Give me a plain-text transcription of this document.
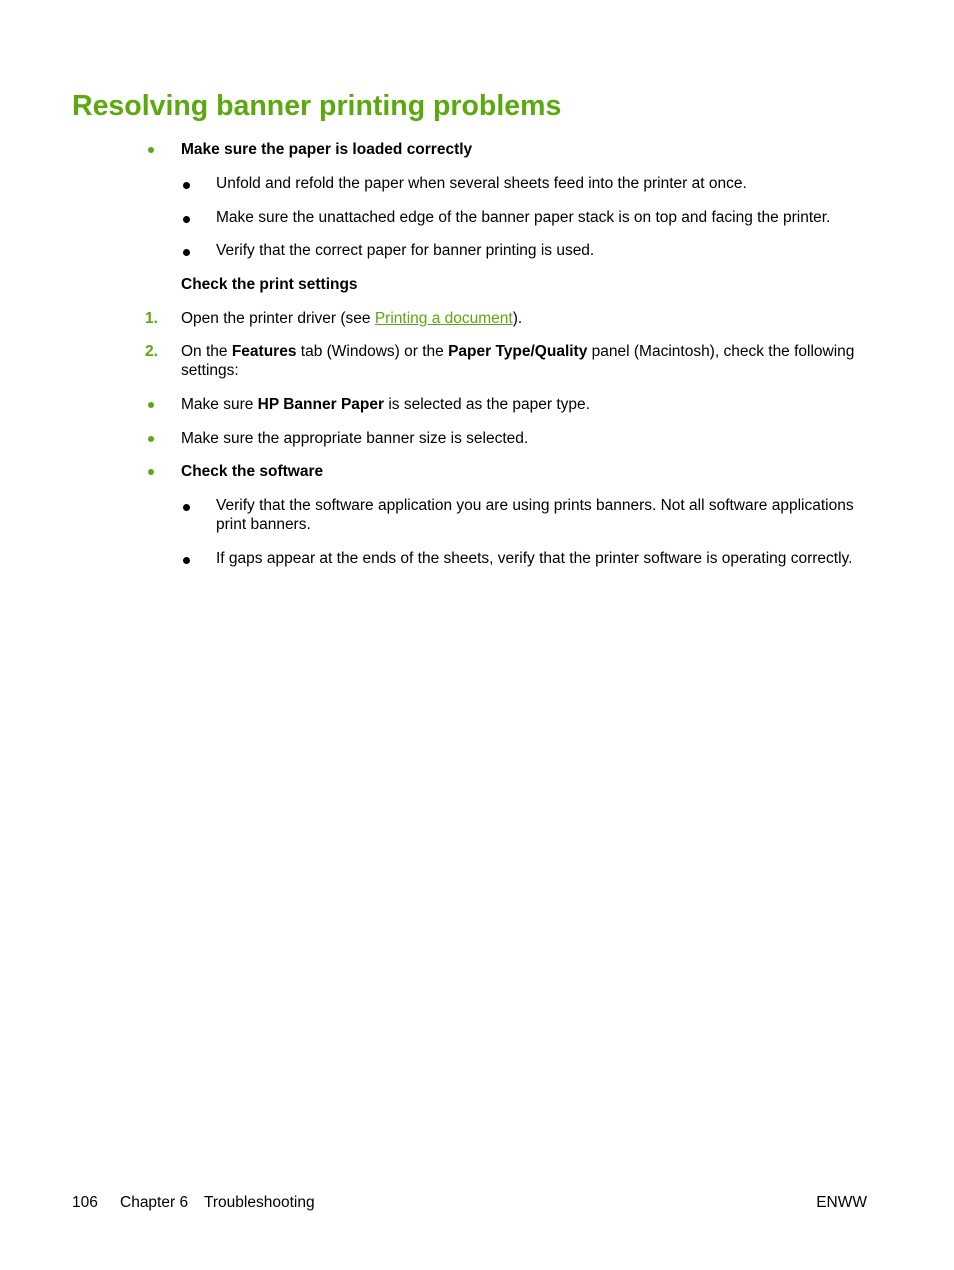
Resolving banner printing problems
Make sure the paper is loaded correctly
Unfold and refold the paper when several sheets feed into the printer at once.
Make sure the unattached edge of the banner paper stack is on top and facing the printer.
Verify that the correct paper for banner printing is used.
Check the print settings
1. Open the printer driver (see Printing a document).
2. On the Features tab (Windows) or the Paper Type/Quality panel (Macintosh), check the following settings:
Make sure HP Banner Paper is selected as the paper type.
Make sure the appropriate banner size is selected.
Check the software
Verify that the software application you are using prints banners. Not all software applications print banners.
If gaps appear at the ends of the sheets, verify that the printer software is operating correctly.
106 Chapter 6 Troubleshooting	ENWW
